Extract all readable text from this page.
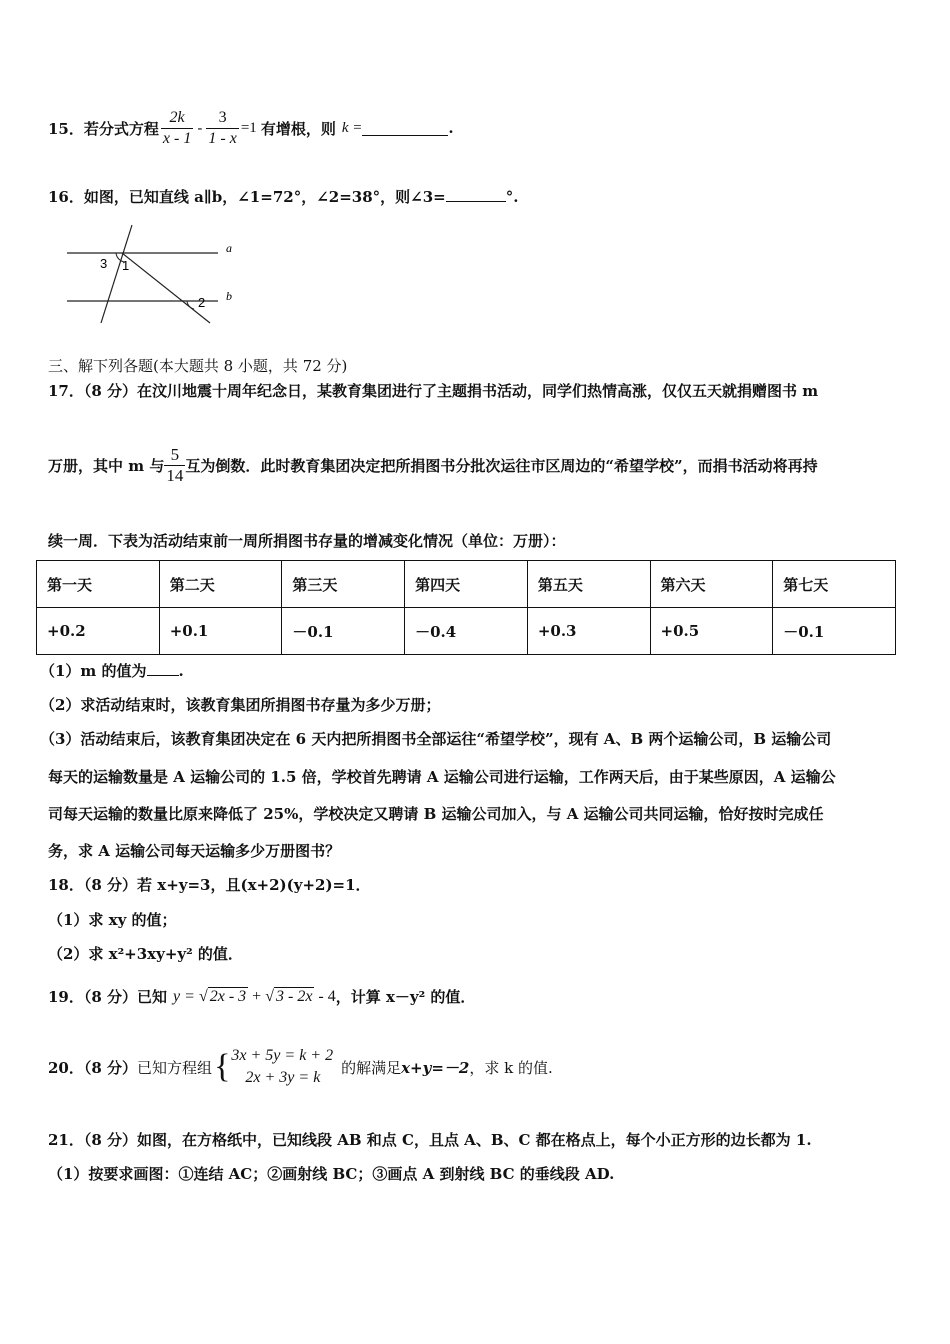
15． 若分式方程 $\frac{2k}{x - 1} - \frac{3}{1 - x} =1$ 有增根，则 k =	.
16．如图，已知直线 a∥b，∠1=72°，∠2=38°，则∠3=	°.
3 1
a
2 b
三、解下列各题(本大题共 8 小题，共 72 分)
17．（8 分）在汶川地震十周年纪念日，某教育集团进行了主题捐书活动，同学们热情高涨，仅仅五天就捐赠图书 m
万册，其中 m 与 $\frac{5}{14}$ 互为倒数．此时教育集团决定把所捐图书分批次运往市区周边的“希望学校”，而捐书活动将再持
续一周．下表为活动结束前一周所捐图书存量的增减变化情况（单位：万册）：
第一天	第二天	第三天	第四天	第五天	第六天	第七天
+0.2	+0.1	－0.1	－0.4	+0.3	+0.5	－0.1
（1）m 的值为 .
（2）求活动结束时，该教育集团所捐图书存量为多少万册；
（3）活动结束后，该教育集团决定在 6 天内把所捐图书全部运往“希望学校”，现有 A、B 两个运输公司，B 运输公司
每天的运输数量是 A 运输公司的 1.5 倍，学校首先聘请 A 运输公司进行运输，工作两天后，由于某些原因，A 运输公
司每天运输的数量比原来降低了 25%，学校决定又聘请 B 运输公司加入，与 A 运输公司共同运输，恰好按时完成任
务，求 A 运输公司每天运输多少万册图书？
18．（8 分）若 x+y=3，且(x+2)(y+2)=1．
（1）求 xy 的值；
（2）求 x²+3xy+y² 的值．
19．（8 分）已知 y = √ 2x - 3 + √ 3 - 2x - 4 ，计算 x－y² 的值．
20．（8 分） 已知方程组 { 3x + 5y = k + 2
2x + 3y = k
的解满足 x+y=－2 ，求 k 的值.
21．（8 分）如图，在方格纸中，已知线段 AB 和点 C，且点 A、B、C 都在格点上，每个小正方形的边长都为 1.
（1）按要求画图：①连结 AC；②画射线 BC；③画点 A 到射线 BC 的垂线段 AD.
